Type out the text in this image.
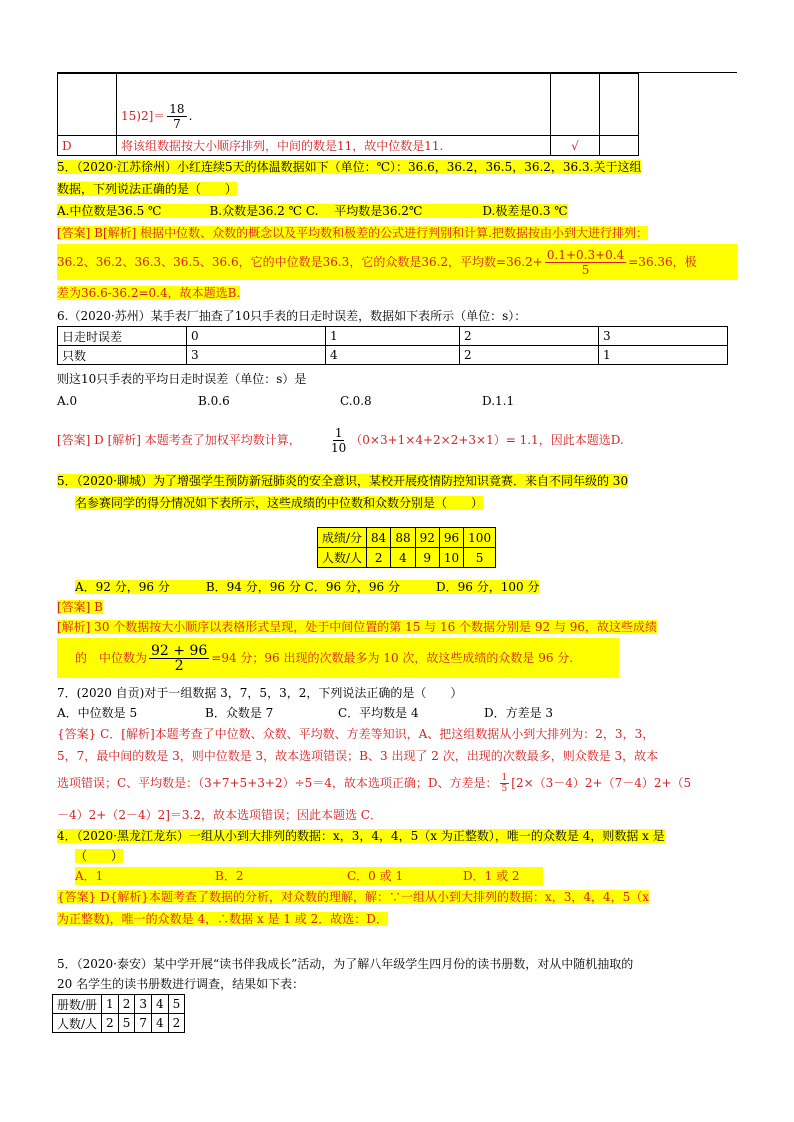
	$15)2]= \frac{18}{7}$ .		
D	将该组数据按大小顺序排列，中间的数是11，故中位数是11.	√	
5．（2020·江苏徐州）小红连续5天的体温数据如下（单位：℃）：36.6，36.2，36.5，36.2，36.3.关于这组
数据，下列说法正确的是（　　）
A.中位数是36.5 ℃　　　　B.众数是36.2 ℃ C.　 平均数是36.2℃　　　　　D.极差是0.3 ℃
[答案] B[解析] 根据中位数、众数的概念以及平均数和极差的公式进行判别和计算.把数据按由小到大进行排列：
36.2、36.2、36.3、36.5、36.6，它的中位数是36.3，它的众数是36.2，平均数$=36.2+ \frac{0.1+0.3+0.4}{5} =36.36$，极
差为36.6-36.2=0.4，故本题选B.
6.（2020·苏州）某手表厂抽查了10只手表的日走时误差，数据如下表所示（单位：s）：
日走时误差	0	1	2	3
只数	3	4	2	1
则这10只手表的平均日走时误差（单位：s）是
A.0	B.0.6	C.0.8	D.1.1
[答案] D [解析] 本题考查了加权平均数计算，	$\frac{1}{10} (0\times 3+1\times 4+2\times 2+3\times 1)= 1.1$，因此本题选D.
5．（2020·聊城）为了增强学生预防新冠肺炎的安全意识，某校开展疫情防控知识竟赛．来自不同年级的 30
名参赛同学的得分情况如下表所示，这些成绩的中位数和众数分别是（　　）
成绩/分	84	88	92	96	100
人数/人	2	4	9	10	5
A．92 分，96 分　　　B．94 分，96 分 C．96 分，96 分　　　D．96 分，100 分
[答案] B
[解析] 30 个数据按大小顺序以表格形式呈现，处于中间位置的第 15 与 16 个数据分别是 92 与 96，故这些成绩
的　中位数为 $\frac{92 + 96}{2} =94$ 分；96 出现的次数最多为 10 次，故这些成绩的众数是 96 分.
7．(2020 自贡)对于一组数据 3，7，5，3，2，下列说法正确的是（　　）
A．中位数是 5	B．众数是 7	C．平均数是 4	D．方差是 3
{答案} C．[解析]本题考查了中位数、众数、平均数、方差等知识，A、把这组数据从小到大排列为：2，3，3，
5，7，最中间的数是 3，则中位数是 3，故本选项错误；B、3 出现了 2 次，出现的次数最多，则众数是 3，故本
选项错误；C、平均数是：（3+7+5+3+2）÷5＝4，故本选项正确；D、方差是： $\frac{1}{5} [2\times(3-4)2+(7-4)2+(5$
－4）2+（2－4）2]＝3.2，故本选项错误；因此本题选 C．
4．（2020·黑龙江龙东）一组从小到大排列的数据：x，3，4，4，5（x 为正整数），唯一的众数是 4，则数据 x 是
（　　）
A．1	B．2	C．0 或 1	D．1 或 2
{答案} D{解析}本题考查了数据的分析，对众数的理解，解：∵一组从小到大排列的数据：x，3，4，4，5（x
为正整数)，唯一的众数是 4，∴数据 x 是 1 或 2．故选：D．
5．（2020·泰安）某中学开展“读书伴我成长”活动，为了解八年级学生四月份的读书册数，对从中随机抽取的
20 名学生的读书册数进行调查，结果如下表：
册数/册	1	2	3	4	5
人数/人	2	5	7	4	2
